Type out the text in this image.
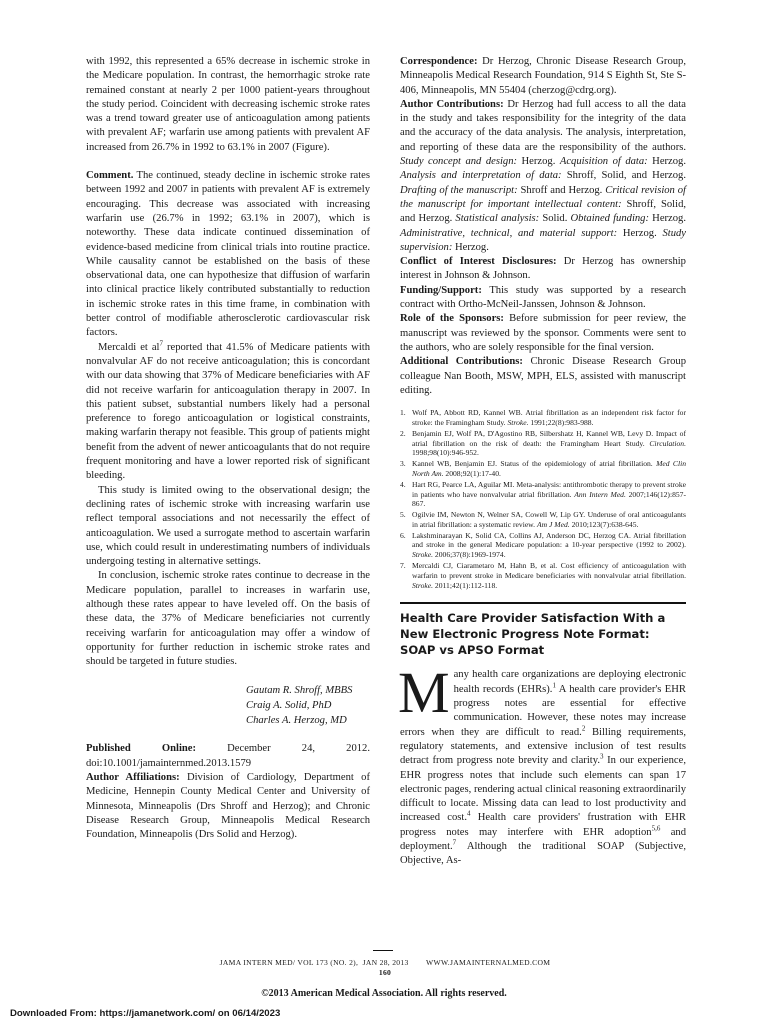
with 1992, this represented a 65% decrease in ischemic stroke in the Medicare population. In contrast, the hemorrhagic stroke rate remained constant at nearly 2 per 1000 patient-years throughout the study period. Coincident with decreasing ischemic stroke rates was a trend toward greater use of anticoagulation among patients with prevalent AF; warfarin use among patients with prevalent AF increased from 26.7% in 1992 to 63.1% in 2007 (Figure).

Comment. The continued, steady decline in ischemic stroke rates between 1992 and 2007 in patients with prevalent AF is extremely encouraging. This decrease was associated with increasing warfarin use (26.7% in 1992; 63.1% in 2007), which is noteworthy. These data indicate continued dissemination of evidence-based medicine from clinical trials into routine practice. While causality cannot be established on the basis of these observational data, one can hypothesize that diffusion of warfarin into clinical practice likely contributed substantially to reduction in ischemic stroke rates in this time frame, in combination with better control of modifiable atherosclerotic cardiovascular risk factors.

Mercaldi et $al^7$ reported that 41.5% of Medicare patients with nonvalvular AF do not receive anticoagulation; this is concordant with our data showing that 37% of Medicare beneficiaries with AF did not receive warfarin for anticoagulation therapy in 2007. In this patient subset, substantial numbers likely had a personal preference to forego anticoagulation or logistical constraints, making warfarin therapy not feasible. This group of patients might benefit from the advent of newer anticoagulants that do not require frequent monitoring and have a lower reported risk of significant bleeding.

This study is limited owing to the observational design; the declining rates of ischemic stroke with increasing warfarin use reflect temporal associations and not necessarily the effect of anticoagulation. We used a surrogate method to ascertain warfarin use, which could result in underestimating numbers of individuals undergoing testing in alternative settings.

In conclusion, ischemic stroke rates continue to decrease in the Medicare population, parallel to increases in warfarin use, although these rates appear to have leveled off. On the basis of these data, the 37% of Medicare beneficiaries not currently receiving warfarin for anticoagulation may offer a window of opportunity for further reduction in ischemic stroke rates and should be targeted in future studies.

Gautam R. Shroff, MBBS
Craig A. Solid, PhD
Charles A. Herzog, MD

Published Online: December 24, 2012. doi:10.1001/jamainternmed.2013.1579

Author Affiliations: Division of Cardiology, Department of Medicine, Hennepin County Medical Center and University of Minnesota, Minneapolis (Drs Shroff and Herzog); and Chronic Disease Research Group, Minneapolis Medical Research Foundation, Minneapolis (Drs Solid and Herzog).

Correspondence: Dr Herzog, Chronic Disease Research Group, Minneapolis Medical Research Foundation, 914 S Eighth St, Ste S-406, Minneapolis, MN 55404 (cherzog@cdrg.org).

Author Contributions: Dr Herzog had full access to all the data in the study and takes responsibility for the integrity of the data and the accuracy of the data analysis. The analysis, interpretation, and reporting of these data are the responsibility of the authors. Study concept and design: Herzog. Acquisition of data: Herzog. Analysis and interpretation of data: Shroff, Solid, and Herzog. Drafting of the manuscript: Shroff and Herzog. Critical revision of the manuscript for important intellectual content: Shroff, Solid, and Herzog. Statistical analysis: Solid. Obtained funding: Herzog. Administrative, technical, and material support: Herzog. Study supervision: Herzog.

Conflict of Interest Disclosures: Dr Herzog has ownership interest in Johnson & Johnson.

Funding/Support: This study was supported by a research contract with Ortho-McNeil-Janssen, Johnson & Johnson.

Role of the Sponsors: Before submission for peer review, the manuscript was reviewed by the sponsor. Comments were sent to the authors, who are solely responsible for the final version.

Additional Contributions: Chronic Disease Research Group colleague Nan Booth, MSW, MPH, ELS, assisted with manuscript editing.

1. Wolf PA, Abbott RD, Kannel WB. Atrial fibrillation as an independent risk factor for stroke: the Framingham Study. Stroke. 1991;22(8):983-988.
2. Benjamin EJ, Wolf PA, D'Agostino RB, Silbershatz H, Kannel WB, Levy D. Impact of atrial fibrillation on the risk of death: the Framingham Heart Study. Circulation. 1998;98(10):946-952.
3. Kannel WB, Benjamin EJ. Status of the epidemiology of atrial fibrillation. Med Clin North Am. 2008;92(1):17-40.
4. Hart RG, Pearce LA, Aguilar MI. Meta-analysis: antithrombotic therapy to prevent stroke in patients who have nonvalvular atrial fibrillation. Ann Intern Med. 2007;146(12):857-867.
5. Ogilvie IM, Newton N, Welner SA, Cowell W, Lip GY. Underuse of oral anticoagulants in atrial fibrillation: a systematic review. Am J Med. 2010;123(7):638-645.
6. Lakshminarayan K, Solid CA, Collins AJ, Anderson DC, Herzog CA. Atrial fibrillation and stroke in the general Medicare population: a 10-year perspective (1992 to 2002). Stroke. 2006;37(8):1969-1974.
7. Mercaldi CJ, Ciarametaro M, Hahn B, et al. Cost efficiency of anticoagulation with warfarin to prevent stroke in Medicare beneficiaries with nonvalvular atrial fibrillation. Stroke. 2011;42(1):112-118.
Health Care Provider Satisfaction With a New Electronic Progress Note Format: SOAP vs APSO Format

Many health care organizations are deploying electronic health records (EHRs).$^1$ A health care provider's EHR progress notes are essential for effective communication. However, these notes may increase errors when they are difficult to read.$^2$ Billing requirements, regulatory statements, and extensive inclusion of test results detract from progress note brevity and clarity.$^3$ In our experience, EHR progress notes that include such elements can span 17 electronic pages, rendering actual clinical reasoning extraordinarily difficult to locate. Missing data can lead to lost productivity and increased cost.$^4$ Health care providers' frustration with EHR progress notes may interfere with EHR adoption$^{5,6}$ and deployment.$^7$ Although the traditional SOAP (Subjective, Objective, As-

JAMA INTERN MED/ VOL 173 (NO. 2),  JAN 28, 2013        WWW.JAMAINTERNALMED.COM
160
©2013 American Medical Association. All rights reserved.
Downloaded From: https://jamanetwork.com/ on 06/14/2023
